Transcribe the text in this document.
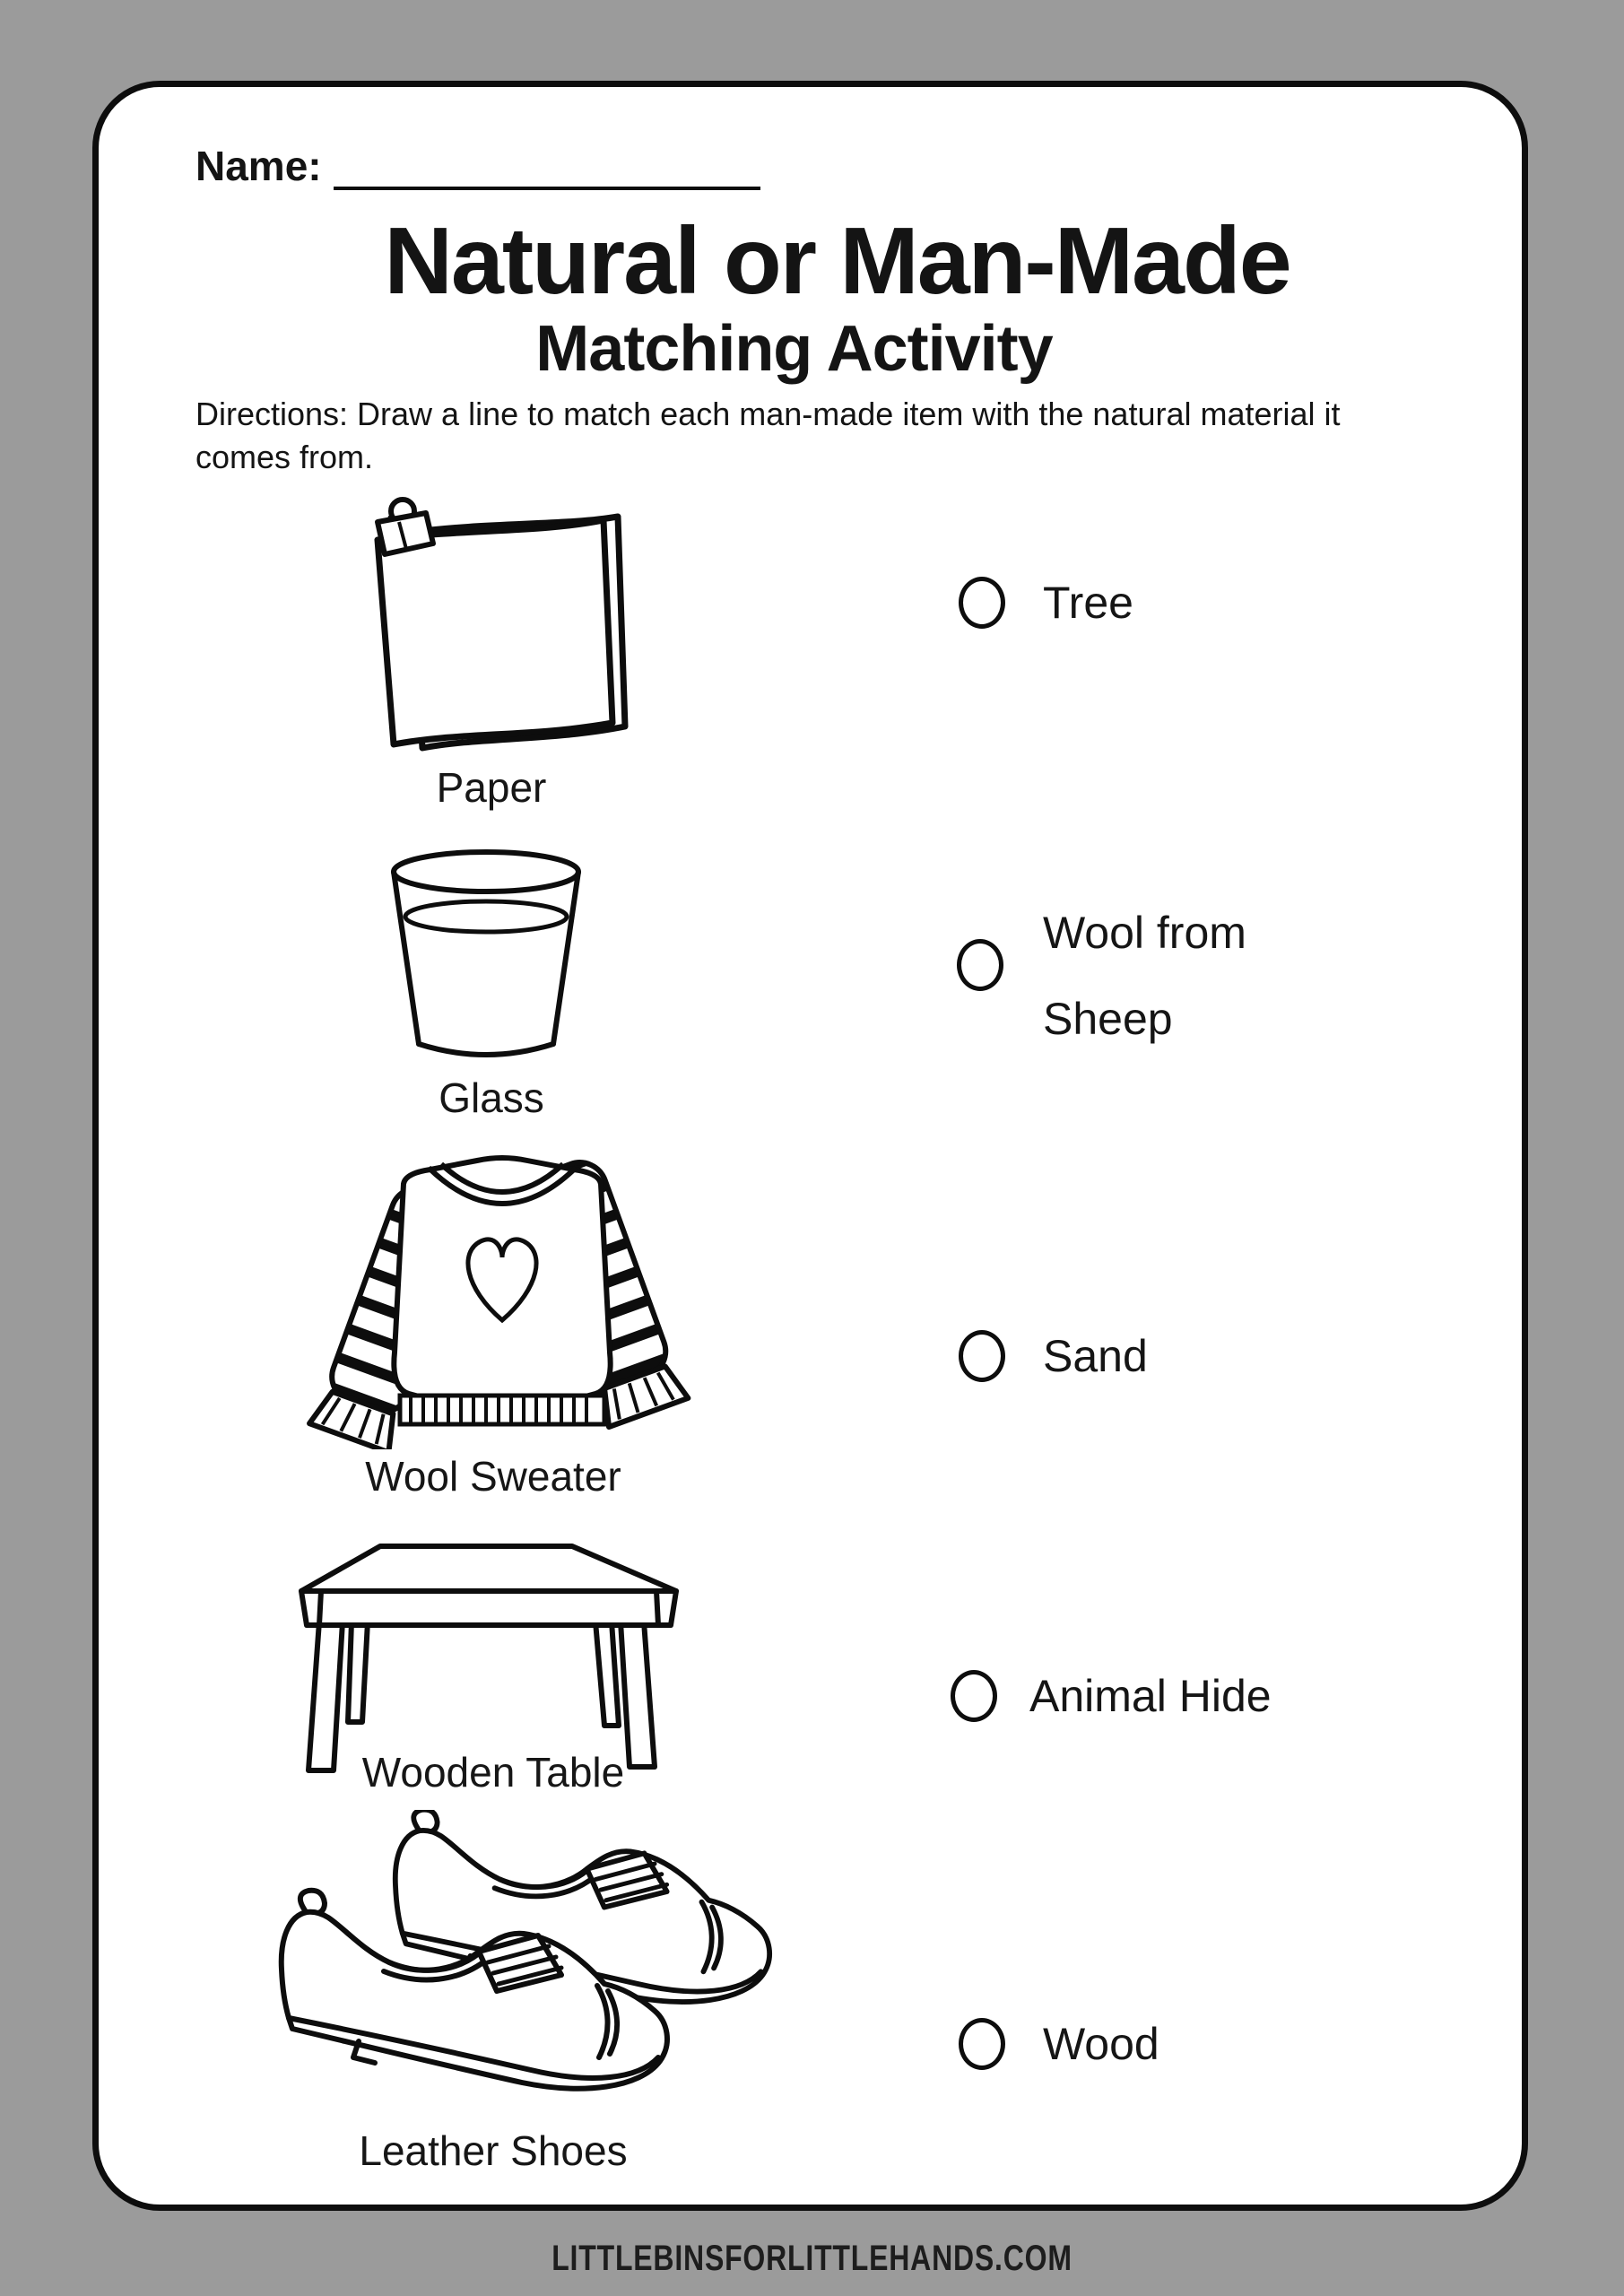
Name:
Natural or Man-Made
Matching Activity
Directions: Draw a line to match each man-made item with the natural material it
comes from.
Paper
Glass
Wool Sweater
Wooden Table
Leather Shoes
Tree
Wool from Sheep
Sand
Animal Hide
Wood
LITTLEBINSFORLITTLEHANDS.COM
